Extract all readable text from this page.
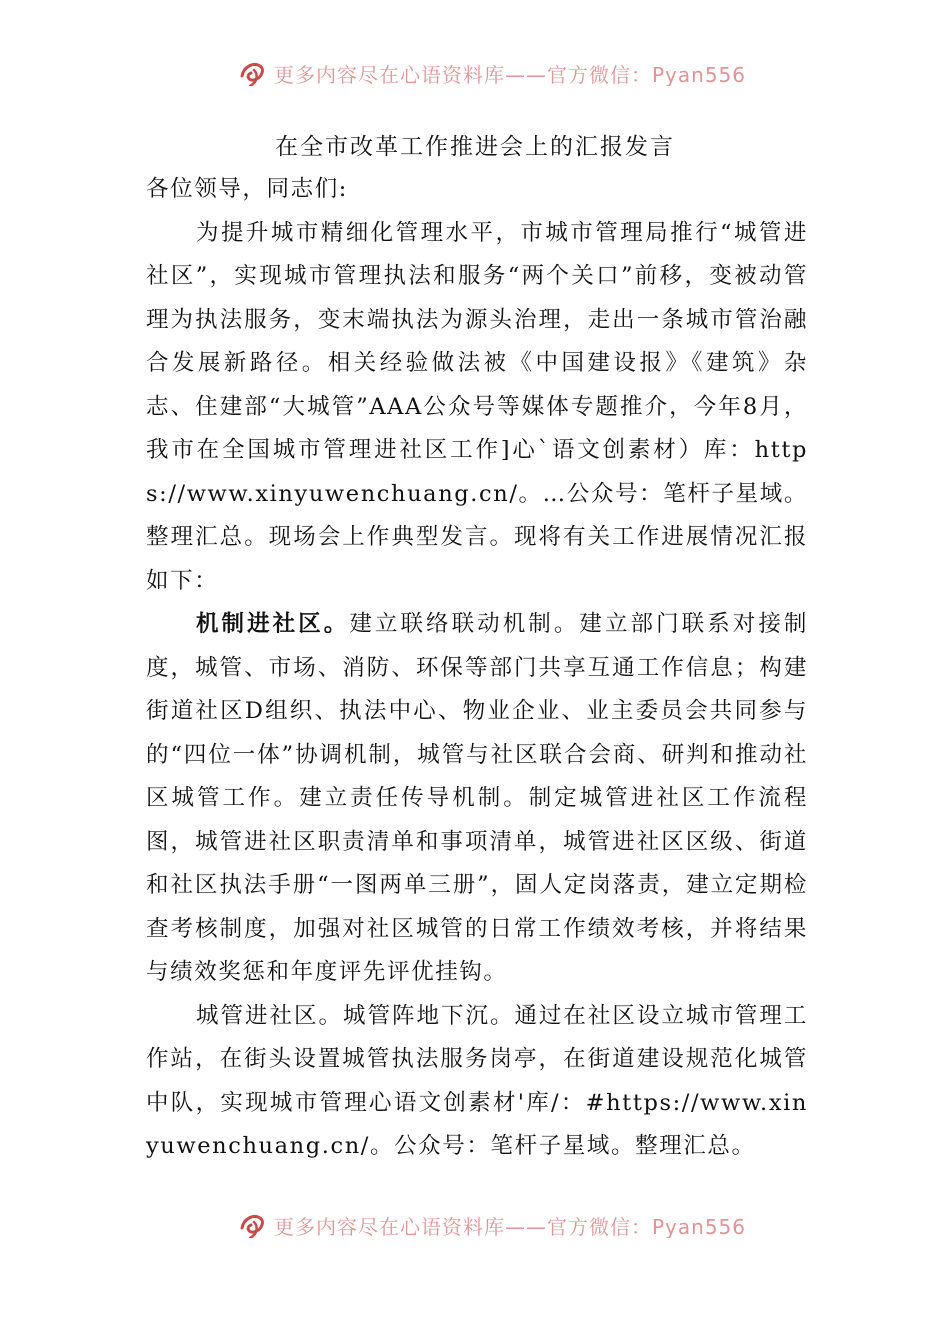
更多内容尽在心语资料库——官方微信：Pyan556
在全市改革工作推进会上的汇报发言

各位领导，同志们:

为提升城市精细化管理水平，市城市管理局推行“城管进社区”，实现城市管理执法和服务“两个关口”前移，变被动管理为执法服务，变末端执法为源头治理，走出一条城市管治融合发展新路径。相关经验做法被《中国建设报》《建筑》杂志、住建部“大城管”AAA公众号等媒体专题推介，今年8月，我市在全国城市管理进社区工作]心`语文创素材）库：https://www.xinyuwenchuang.cn/。…公众号：笔杆子星域。整理汇总。现场会上作典型发言。现将有关工作进展情况汇报如下：

机制进社区。建立联络联动机制。建立部门联系对接制度，城管、市场、消防、环保等部门共享互通工作信息；构建街道社区D组织、执法中心、物业企业、业主委员会共同参与的“四位一体”协调机制，城管与社区联合会商、研判和推动社区城管工作。建立责任传导机制。制定城管进社区工作流程图，城管进社区职责清单和事项清单，城管进社区区级、街道和社区执法手册“一图两单三册”，固人定岗落责，建立定期检查考核制度，加强对社区城管的日常工作绩效考核，并将结果与绩效奖惩和年度评先评优挂钩。

城管进社区。城管阵地下沉。通过在社区设立城市管理工作站，在街头设置城管执法服务岗亭，在街道建设规范化城管中队，实现城市管理心语文创素材'库/：#https://www.xinyuwenchuang.cn/。公众号：笔杆子星域。整理汇总。

更多内容尽在心语资料库——官方微信：Pyan556
